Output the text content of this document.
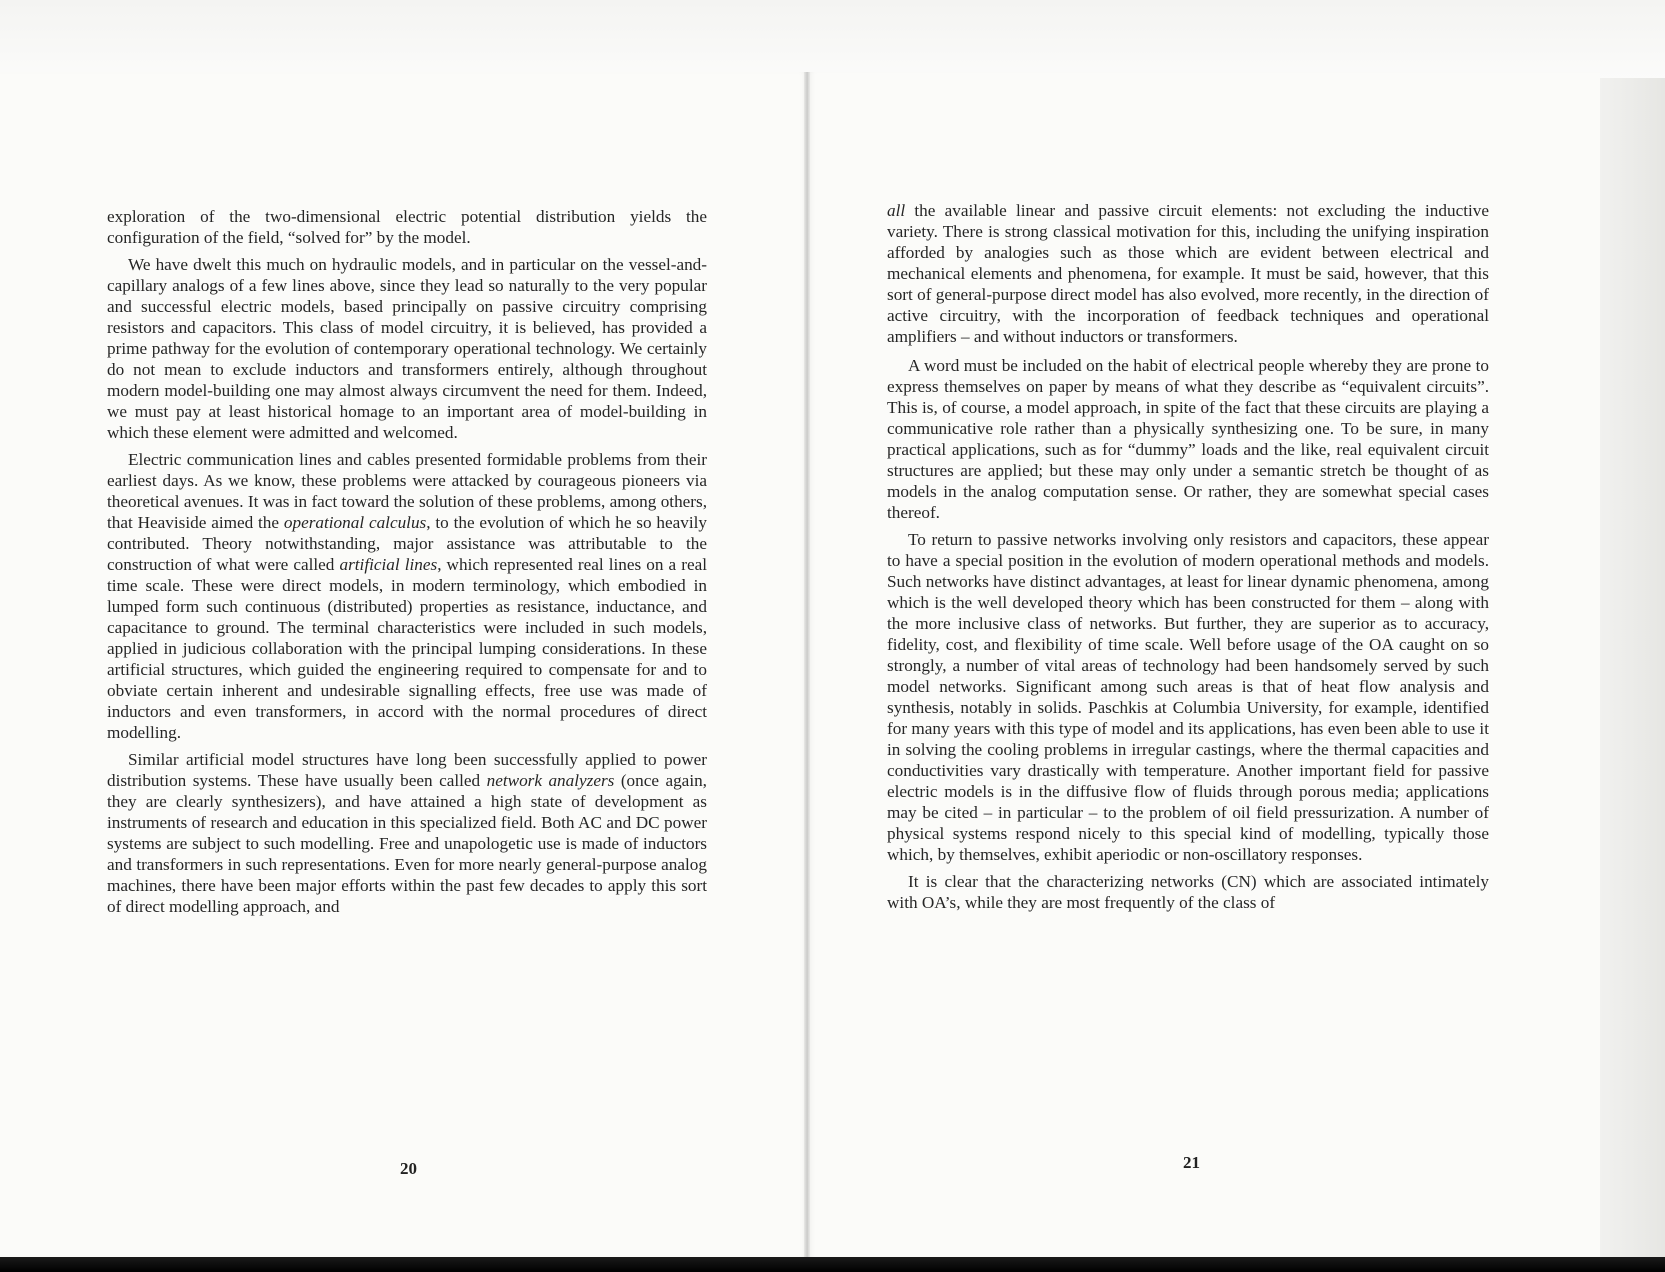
exploration of the two-dimensional electric potential distribution yields the configuration of the field, “solved for” by the model.

We have dwelt this much on hydraulic models, and in particular on the vessel-and-capillary analogs of a few lines above, since they lead so naturally to the very popular and successful electric models, based principally on passive circuitry comprising resistors and capacitors. This class of model circuitry, it is believed, has provided a prime pathway for the evolution of contemporary operational technology. We certainly do not mean to exclude inductors and transformers entirely, although throughout modern model-building one may almost always circumvent the need for them. Indeed, we must pay at least historical homage to an important area of model-building in which these element were admitted and welcomed.

Electric communication lines and cables presented formidable problems from their earliest days. As we know, these problems were attacked by courageous pioneers via theoretical avenues. It was in fact toward the solution of these problems, among others, that Heaviside aimed the operational calculus, to the evolution of which he so heavily contributed. Theory notwithstanding, major assistance was attributable to the construction of what were called artificial lines, which represented real lines on a real time scale. These were direct models, in modern terminology, which embodied in lumped form such continuous (distributed) properties as resistance, inductance, and capacitance to ground. The terminal characteristics were included in such models, applied in judicious collaboration with the principal lumping considerations. In these artificial structures, which guided the engineering required to compensate for and to obviate certain inherent and undesirable signalling effects, free use was made of inductors and even transformers, in accord with the normal procedures of direct modelling.

Similar artificial model structures have long been successfully applied to power distribution systems. These have usually been called network analyzers (once again, they are clearly synthesizers), and have attained a high state of development as instruments of research and education in this specialized field. Both AC and DC power systems are subject to such modelling. Free and unapologetic use is made of inductors and transformers in such representations. Even for more nearly general-purpose analog machines, there have been major efforts within the past few decades to apply this sort of direct modelling approach, and

20

all the available linear and passive circuit elements: not excluding the inductive variety. There is strong classical motivation for this, including the unifying inspiration afforded by analogies such as those which are evident between electrical and mechanical elements and phenomena, for example. It must be said, however, that this sort of general-purpose direct model has also evolved, more recently, in the direction of active circuitry, with the incorporation of feedback techniques and operational amplifiers – and without inductors or transformers.

A word must be included on the habit of electrical people whereby they are prone to express themselves on paper by means of what they describe as “equivalent circuits”. This is, of course, a model approach, in spite of the fact that these circuits are playing a communicative role rather than a physically synthesizing one. To be sure, in many practical applications, such as for “dummy” loads and the like, real equivalent circuit structures are applied; but these may only under a semantic stretch be thought of as models in the analog computation sense. Or rather, they are somewhat special cases thereof.

To return to passive networks involving only resistors and capacitors, these appear to have a special position in the evolution of modern operational methods and models. Such networks have distinct advantages, at least for linear dynamic phenomena, among which is the well developed theory which has been constructed for them – along with the more inclusive class of networks. But further, they are superior as to accuracy, fidelity, cost, and flexibility of time scale. Well before usage of the OA caught on so strongly, a number of vital areas of technology had been handsomely served by such model networks. Significant among such areas is that of heat flow analysis and synthesis, notably in solids. Paschkis at Columbia University, for example, identified for many years with this type of model and its applications, has even been able to use it in solving the cooling problems in irregular castings, where the thermal capacities and conductivities vary drastically with temperature. Another important field for passive electric models is in the diffusive flow of fluids through porous media; applications may be cited – in particular – to the problem of oil field pressurization. A number of physical systems respond nicely to this special kind of modelling, typically those which, by themselves, exhibit aperiodic or non-oscillatory responses.

It is clear that the characterizing networks (CN) which are associated intimately with OA’s, while they are most frequently of the class of

21
